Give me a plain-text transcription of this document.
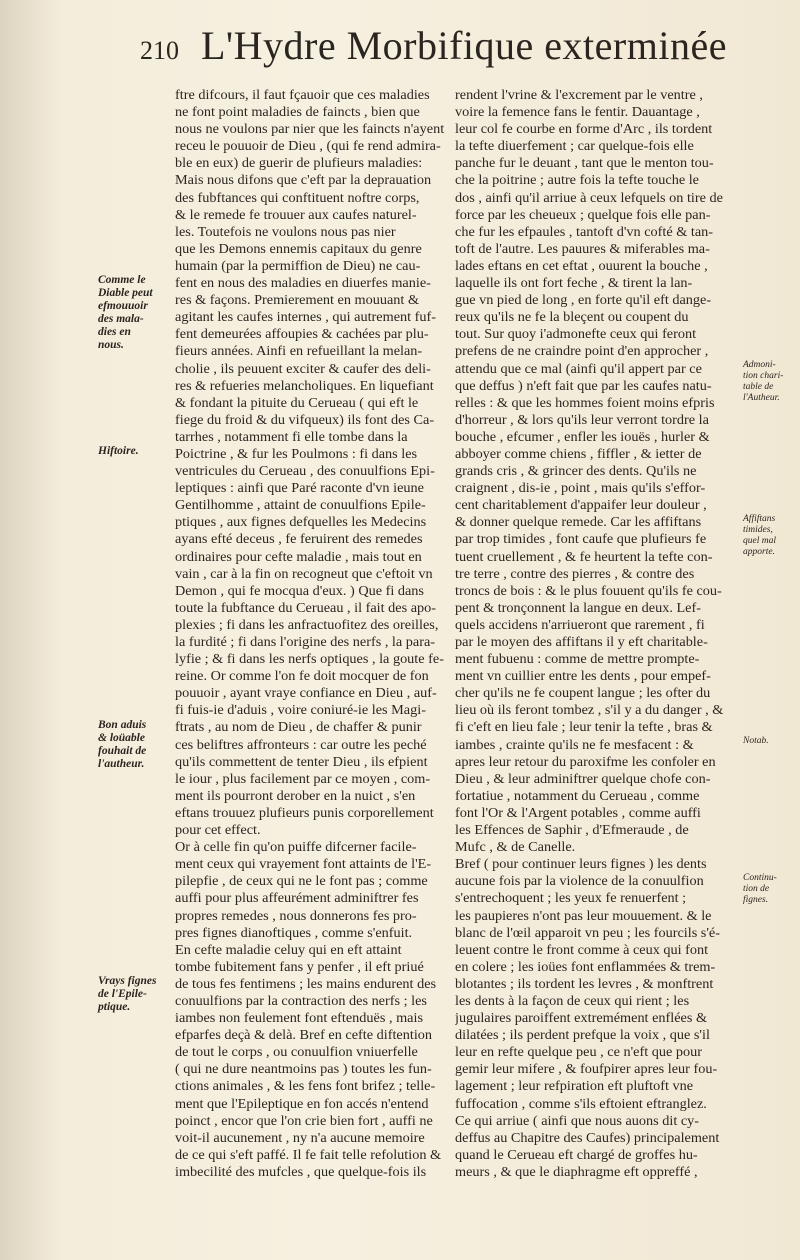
210 L'Hydre Morbifique exterminée
Comme le
Diable peut
efmouuoir
des mala-
dies en
nous.
Hiftoire.
Bon aduis
& loüable
fouhait de
l'autheur.
Vrays fignes
de l'Epile-
ptique.
ftre difcours, il faut fçauoir que ces maladies
ne font point maladies de faincts , bien que
nous ne voulons par nier que les faincts n'ayent
receu le pouuoir de Dieu , (qui fe rend admira-
ble en eux) de guerir de plufieurs maladies:
Mais nous difons que c'eft par la deprauation
des fubftances qui conftituent noftre corps,
& le remede fe trouuer aux caufes naturel-
les. Toutefois ne voulons nous pas nier
que les Demons ennemis capitaux du genre
humain (par la permiffion de Dieu) ne cau-
fent en nous des maladies en diuerfes manie-
res & façons. Premierement en mouuant &
agitant les caufes internes , qui autrement fuf-
fent demeurées affoupies & cachées par plu-
fieurs années. Ainfi en refueillant la melan-
cholie , ils peuuent exciter & caufer des deli-
res & refueries melancholiques. En liquefiant
& fondant la pituite du Cerueau ( qui eft le
fiege du froid & du vifqueux) ils font des Ca-
tarrhes , notamment fi elle tombe dans la
Poictrine , & fur les Poulmons : fi dans les
ventricules du Cerueau , des conuulfions Epi-
leptiques : ainfi que Paré raconte d'vn ieune
Gentilhomme , attaint de conuulfions Epile-
ptiques , aux fignes defquelles les Medecins
ayans efté deceus , fe feruirent des remedes
ordinaires pour cefte maladie , mais tout en
vain , car à la fin on recogneut que c'eftoit vn
Demon , qui fe mocqua d'eux. ) Que fi dans
toute la fubftance du Cerueau , il fait des apo-
plexies ; fi dans les anfractuofitez des oreilles,
la furdité ; fi dans l'origine des nerfs , la para-
lyfie ; & fi dans les nerfs optiques , la goute fe-
reine. Or comme l'on fe doit mocquer de fon
pouuoir , ayant vraye confiance en Dieu , auf-
fi fuis-ie d'aduis , voire coniuré-ie les Magi-
ftrats , au nom de Dieu , de chaffer & punir
ces beliftres affronteurs : car outre les peché
qu'ils commettent de tenter Dieu , ils efpient
le iour , plus facilement par ce moyen , com-
ment ils pourront derober en la nuict , s'en
eftans trouuez plufieurs punis corporellement
pour cet effect.
Or à celle fin qu'on puiffe difcerner facile-
ment ceux qui vrayement font attaints de l'E-
pilepfie , de ceux qui ne le font pas ; comme
auffi pour plus affeurément adminiftrer fes
propres remedes , nous donnerons fes pro-
pres fignes dianoftiques , comme s'enfuit.
En cefte maladie celuy qui en eft attaint
tombe fubitement fans y penfer , il eft priué
de tous fes fentimens ; les mains endurent des
conuulfions par la contraction des nerfs ; les
iambes non feulement font eftenduës , mais
efparfes deçà & delà. Bref en cefte diftention
de tout le corps , ou conuulfion vniuerfelle
( qui ne dure neantmoins pas ) toutes les fun-
ctions animales , & les fens font brifez ; telle-
ment que l'Epileptique en fon accés n'entend
poinct , encor que l'on crie bien fort , auffi ne
voit-il aucunement , ny n'a aucune memoire
de ce qui s'eft paffé. Il fe fait telle refolution &
imbecilité des mufcles , que quelque-fois ils
rendent l'vrine & l'excrement par le ventre ,
voire la femence fans le fentir. Dauantage ,
leur col fe courbe en forme d'Arc , ils tordent
la tefte diuerfement ; car quelque-fois elle
panche fur le deuant , tant que le menton tou-
che la poitrine ; autre fois la tefte touche le
dos , ainfi qu'il arriue à ceux lefquels on tire de
force par les cheueux ; quelque fois elle pan-
che fur les efpaules , tantoft d'vn cofté & tan-
toft de l'autre. Les pauures & miferables ma-
lades eftans en cet eftat , ouurent la bouche ,
laquelle ils ont fort feche , & tirent la lan-
gue vn pied de long , en forte qu'il eft dange-
reux qu'ils ne fe la bleçent ou coupent du
tout. Sur quoy i'admonefte ceux qui feront
prefens de ne craindre point d'en approcher ,
attendu que ce mal (ainfi qu'il appert par ce
que deffus ) n'eft fait que par les caufes natu-
relles : & que les hommes foient moins efpris
d'horreur , & lors qu'ils leur verront tordre la
bouche , efcumer , enfler les iouës , hurler &
abboyer comme chiens , fiffler , & ietter de
grands cris , & grincer des dents. Qu'ils ne
craignent , dis-ie , point , mais qu'ils s'effor-
cent charitablement d'appaifer leur douleur ,
& donner quelque remede. Car les affiftans
par trop timides , font caufe que plufieurs fe
tuent cruellement , & fe heurtent la tefte con-
tre terre , contre des pierres , & contre des
troncs de bois : & le plus fouuent qu'ils fe cou-
pent & tronçonnent la langue en deux. Lef-
quels accidens n'arriueront que rarement , fi
par le moyen des affiftans il y eft charitable-
ment fubuenu : comme de mettre prompte-
ment vn cuillier entre les dents , pour empef-
cher qu'ils ne fe coupent langue ; les ofter du
lieu où ils feront tombez , s'il y a du danger , &
fi c'eft en lieu fale ; leur tenir la tefte , bras &
iambes , crainte qu'ils ne fe mesfacent : &
apres leur retour du paroxifme les confoler en
Dieu , & leur adminiftrer quelque chofe con-
fortatiue , notamment du Cerueau , comme
font l'Or & l'Argent potables , comme auffi
les Effences de Saphir , d'Efmeraude , de
Mufc , & de Canelle.
Bref ( pour continuer leurs fignes ) les dents
aucune fois par la violence de la conuulfion
s'entrechoquent ; les yeux fe renuerfent ;
les paupieres n'ont pas leur mouuement. & le
blanc de l'œil apparoit vn peu ; les fourcils s'é-
leuent contre le front comme à ceux qui font
en colere ; les ioües font enflammées & trem-
blotantes ; ils tordent les levres , & monftrent
les dents à la façon de ceux qui rient ; les
jugulaires paroiffent extremément enflées &
dilatées ; ils perdent prefque la voix , que s'il
leur en refte quelque peu , ce n'eft que pour
gemir leur mifere , & foufpirer apres leur fou-
lagement ; leur refpiration eft pluftoft vne
fuffocation , comme s'ils eftoient eftranglez.
Ce qui arriue ( ainfi que nous auons dit cy-
deffus au Chapitre des Caufes) principalement
quand le Cerueau eft chargé de groffes hu-
meurs , & que le diaphragme eft oppreffé ,
Admoni-
tion chari-
table de
l'Autheur.
Affiftans
timides,
quel mal
apporte.
Notab.
Continu-
tion de
fignes.
